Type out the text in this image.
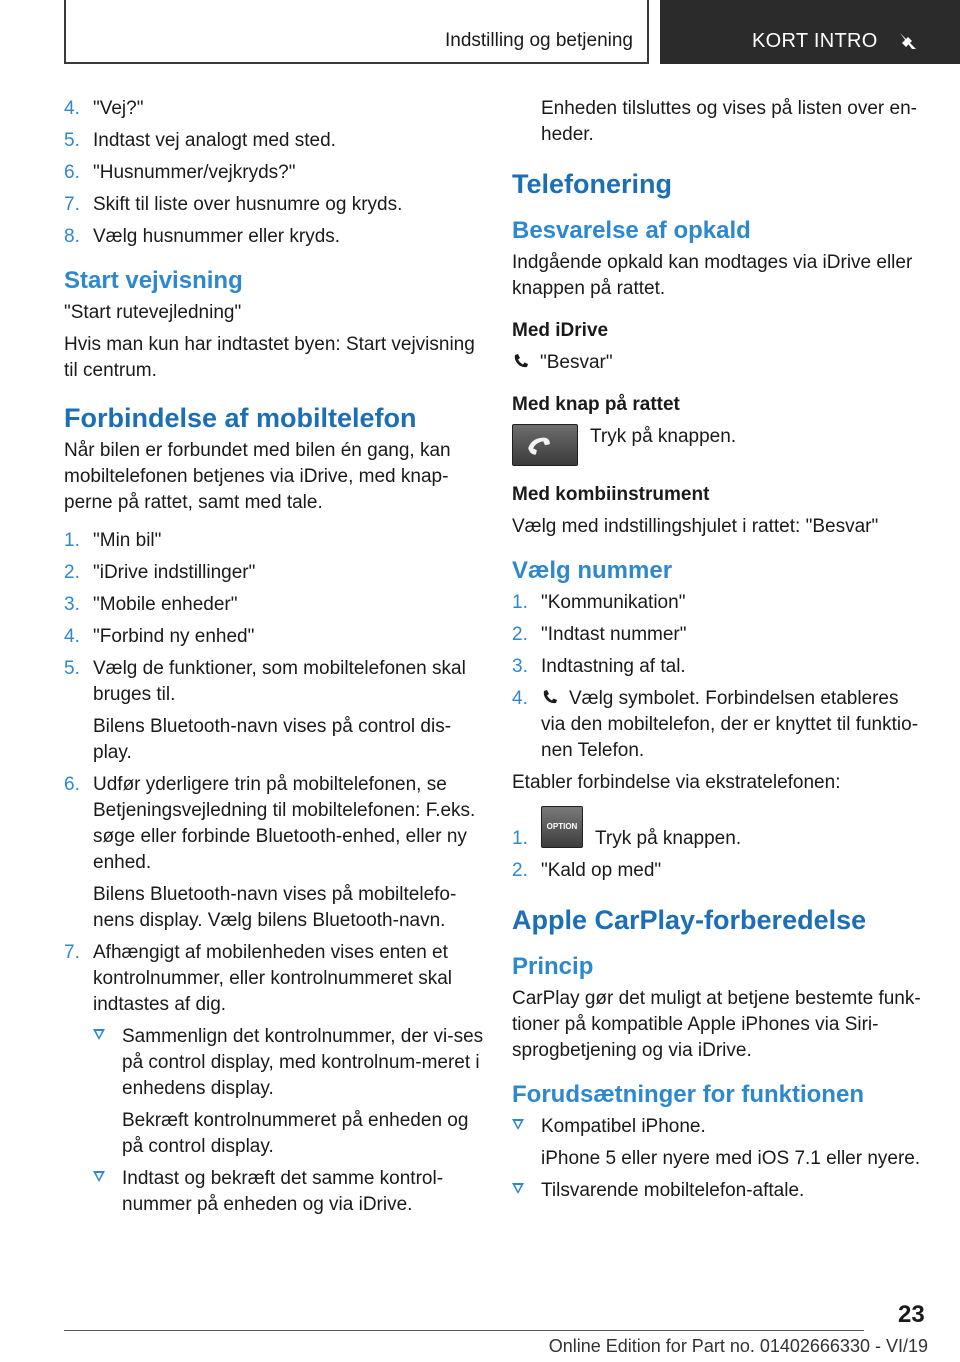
Indstilling og betjening	KORT INTRO
4. "Vej?"

5. Indtast vej analogt med sted.

6. "Husnummer/vejkryds?"

7. Skift til liste over husnumre og kryds.

8. Vælg husnummer eller kryds.

Start vejvisning

"Start rutevejledning"

Hvis man kun har indtastet byen: Start vejvisning til centrum.

Forbindelse af mobiltelefon

Når bilen er forbundet med bilen én gang, kan mobiltelefonen betjenes via iDrive, med knap-perne på rattet, samt med tale.

1. "Min bil"

2. "iDrive indstillinger"

3. "Mobile enheder"

4. "Forbind ny enhed"

5. Vælg de funktioner, som mobiltelefonen skal bruges til.

Bilens Bluetooth-navn vises på control dis-play.

6. Udfør yderligere trin på mobiltelefonen, se Betjeningsvejledning til mobiltelefonen: F.eks. søge eller forbinde Bluetooth-enhed, eller ny enhed.

Bilens Bluetooth-navn vises på mobiltelefo-nens display. Vælg bilens Bluetooth-navn.

7. Afhængigt af mobilenheden vises enten et kontrolnummer, eller kontrolnummeret skal indtastes af dig.

Sammenlign det kontrolnummer, der vi-ses på control display, med kontrolnum-meret i enhedens display.

Bekræft kontrolnummeret på enheden og på control display.

Indtast og bekræft det samme kontrol-nummer på enheden og via iDrive.

Enheden tilsluttes og vises på listen over en-heder.

Telefonering
Besvarelse af opkald

Indgående opkald kan modtages via iDrive eller knappen på rattet.

Med iDrive

"Besvar"

Med knap på rattet
Tryk på knappen.
Med kombiinstrument

Vælg med indstillingshjulet i rattet: "Besvar"

Vælg nummer
1. "Kommunikation"

2. "Indtast nummer"

3. Indtastning af tal.

4.	Vælg symbolet. Forbindelsen etableres via den mobiltelefon, der er knyttet til funktio-nen Telefon.

Etabler forbindelse via ekstratelefonen:

1.
OPTION
Tryk på knappen.
2. "Kald op med"

Apple CarPlay-forberedelse
Princip

CarPlay gør det muligt at betjene bestemte funk-tioner på kompatible Apple iPhones via Siri-sprogbetjening og via iDrive.

Forudsætninger for funktionen

Kompatibel iPhone.

iPhone 5 eller nyere med iOS 7.1 eller nyere.

Tilsvarende mobiltelefon-aftale.

23
Online Edition for Part no. 01402666330 - VI/19
